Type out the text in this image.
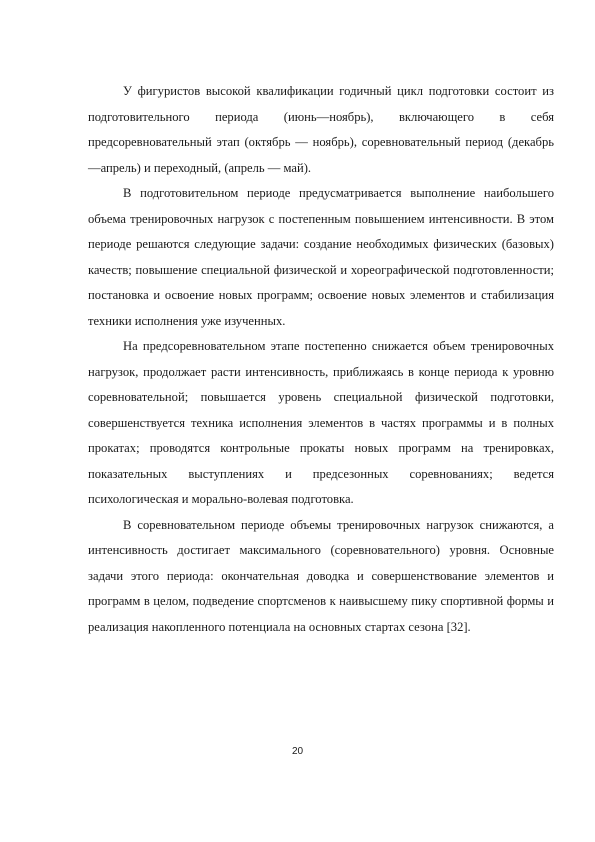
У фигуристов высокой квалификации годичный цикл подготовки состоит из подготовительного периода (июнь—ноябрь), включающего в себя предсоревновательный этап (октябрь — ноябрь), соревновательный период (декабрь—апрель) и переходный, (апрель — май).

В подготовительном периоде предусматривается выполнение наибольшего объема тренировочных нагрузок с постепенным повышением интенсивности. В этом периоде решаются следующие задачи: создание необходимых физических (базовых) качеств; повышение специальной физической и хореографической подготовленности; постановка и освоение новых программ; освоение новых элементов и стабилизация техники исполнения уже изученных.

На предсоревновательном этапе постепенно снижается объем тренировочных нагрузок, продолжает расти интенсивность, приближаясь в конце периода к уровню соревновательной; повышается уровень специальной физической подготовки, совершенствуется техника исполнения элементов в частях программы и в полных прокатах; проводятся контрольные прокаты новых программ на тренировках, показательных выступлениях и предсезонных соревнованиях; ведется психологическая и морально-волевая подготовка.

В соревновательном периоде объемы тренировочных нагрузок снижаются, а интенсивность достигает максимального (соревновательного) уровня. Основные задачи этого периода: окончательная доводка и совершенствование элементов и программ в целом, подведение спортсменов к наивысшему пику спортивной формы и реализация накопленного потенциала на основных стартах сезона [32].

20
